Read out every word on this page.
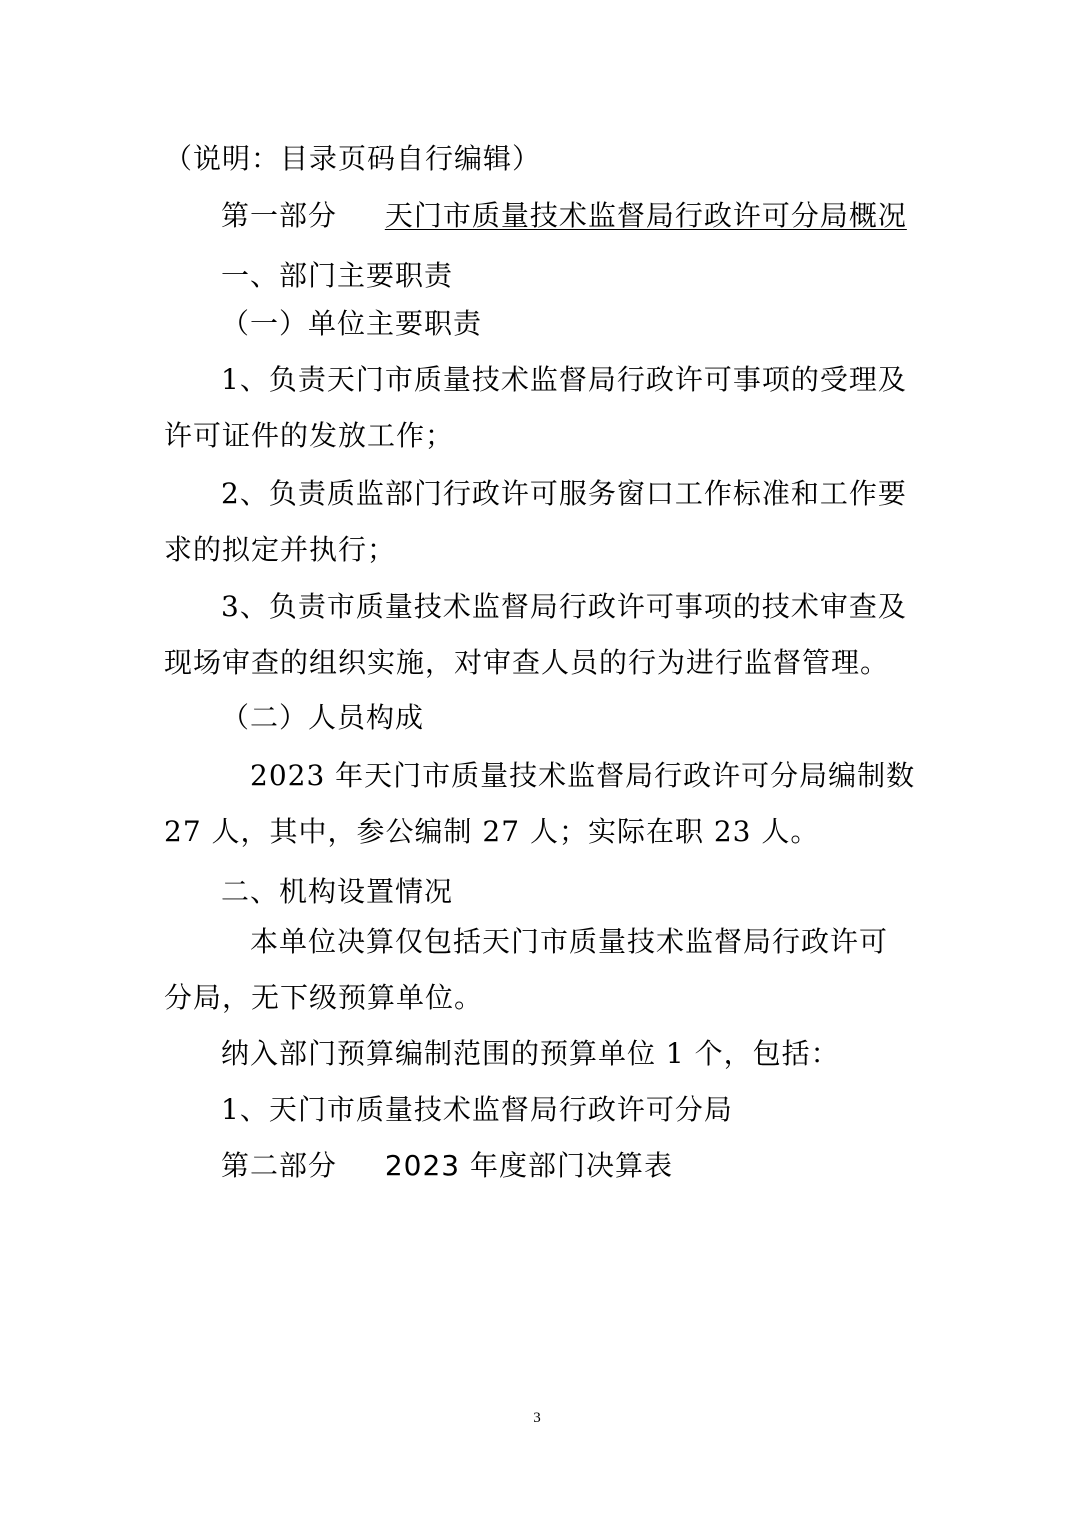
（说明：目录页码自行编辑）
第一部分 天门市质量技术监督局行政许可分局概况
一、部门主要职责
（一）单位主要职责
1、负责天门市质量技术监督局行政许可事项的受理及
许可证件的发放工作；
2、负责质监部门行政许可服务窗口工作标准和工作要
求的拟定并执行；
3、负责市质量技术监督局行政许可事项的技术审查及
现场审查的组织实施，对审查人员的行为进行监督管理。
（二）人员构成
2023 年天门市质量技术监督局行政许可分局编制数
27 人，其中，参公编制 27 人；实际在职 23 人。
二、机构设置情况
本单位决算仅包括天门市质量技术监督局行政许可
分局，无下级预算单位。
纳入部门预算编制范围的预算单位 1 个，包括：
1、天门市质量技术监督局行政许可分局
第二部分 2023 年度部门决算表
3
